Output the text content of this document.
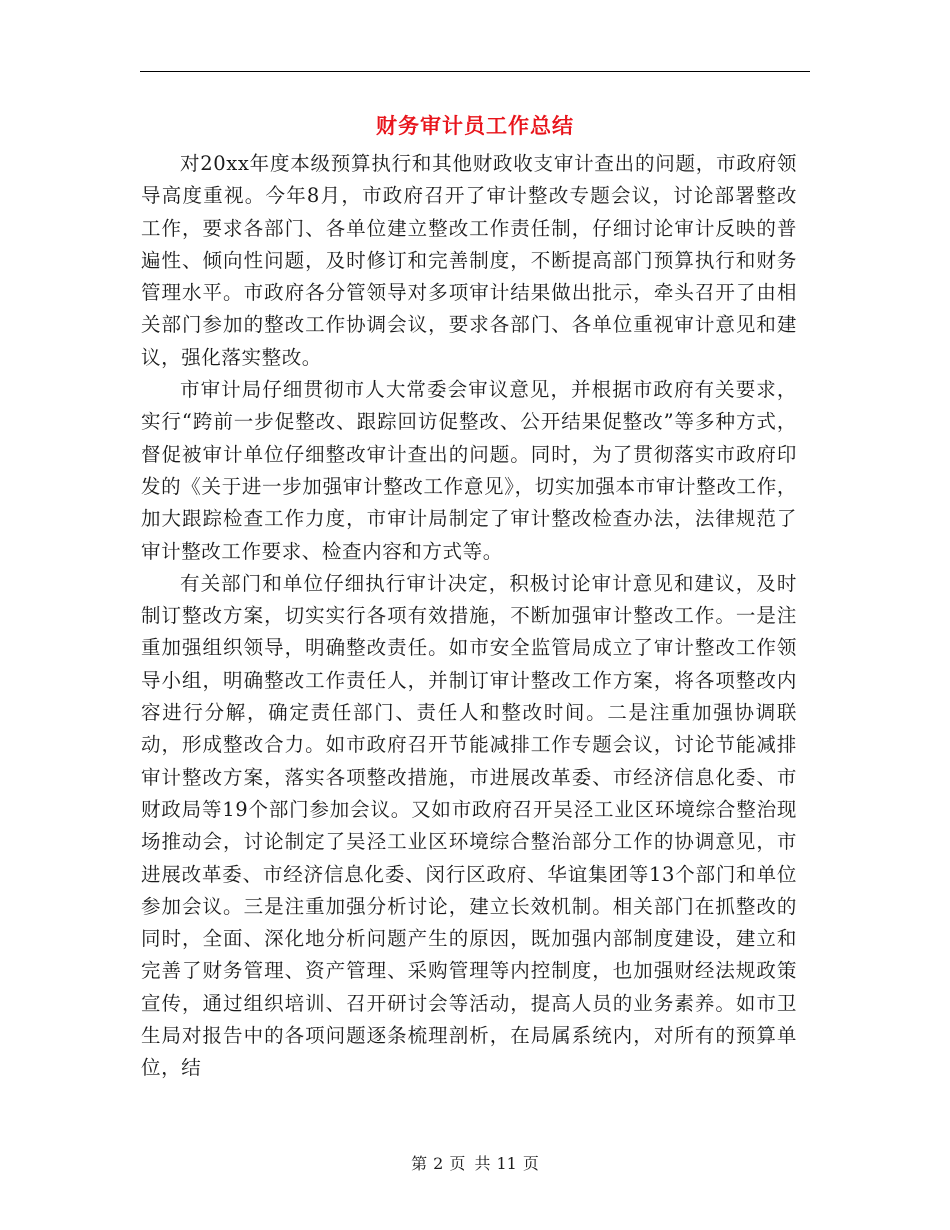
财务审计员工作总结

对20xx年度本级预算执行和其他财政收支审计查出的问题，市政府领导高度重视。今年8月，市政府召开了审计整改专题会议，讨论部署整改工作，要求各部门、各单位建立整改工作责任制，仔细讨论审计反映的普遍性、倾向性问题，及时修订和完善制度，不断提高部门预算执行和财务管理水平。市政府各分管领导对多项审计结果做出批示，牵头召开了由相关部门参加的整改工作协调会议，要求各部门、各单位重视审计意见和建议，强化落实整改。

市审计局仔细贯彻市人大常委会审议意见，并根据市政府有关要求，实行“跨前一步促整改、跟踪回访促整改、公开结果促整改”等多种方式，督促被审计单位仔细整改审计查出的问题。同时，为了贯彻落实市政府印发的《关于进一步加强审计整改工作意见》，切实加强本市审计整改工作，加大跟踪检查工作力度，市审计局制定了审计整改检查办法，法律规范了审计整改工作要求、检查内容和方式等。

有关部门和单位仔细执行审计决定，积极讨论审计意见和建议，及时制订整改方案，切实实行各项有效措施，不断加强审计整改工作。一是注重加强组织领导，明确整改责任。如市安全监管局成立了审计整改工作领导小组，明确整改工作责任人，并制订审计整改工作方案，将各项整改内容进行分解，确定责任部门、责任人和整改时间。二是注重加强协调联动，形成整改合力。如市政府召开节能减排工作专题会议，讨论节能减排审计整改方案，落实各项整改措施，市进展改革委、市经济信息化委、市财政局等19个部门参加会议。又如市政府召开吴泾工业区环境综合整治现场推动会，讨论制定了吴泾工业区环境综合整治部分工作的协调意见，市进展改革委、市经济信息化委、闵行区政府、华谊集团等13个部门和单位参加会议。三是注重加强分析讨论，建立长效机制。相关部门在抓整改的同时，全面、深化地分析问题产生的原因，既加强内部制度建设，建立和完善了财务管理、资产管理、采购管理等内控制度，也加强财经法规政策宣传，通过组织培训、召开研讨会等活动，提高人员的业务素养。如市卫生局对报告中的各项问题逐条梳理剖析，在局属系统内，对所有的预算单位，结

第 2 页 共 11 页
